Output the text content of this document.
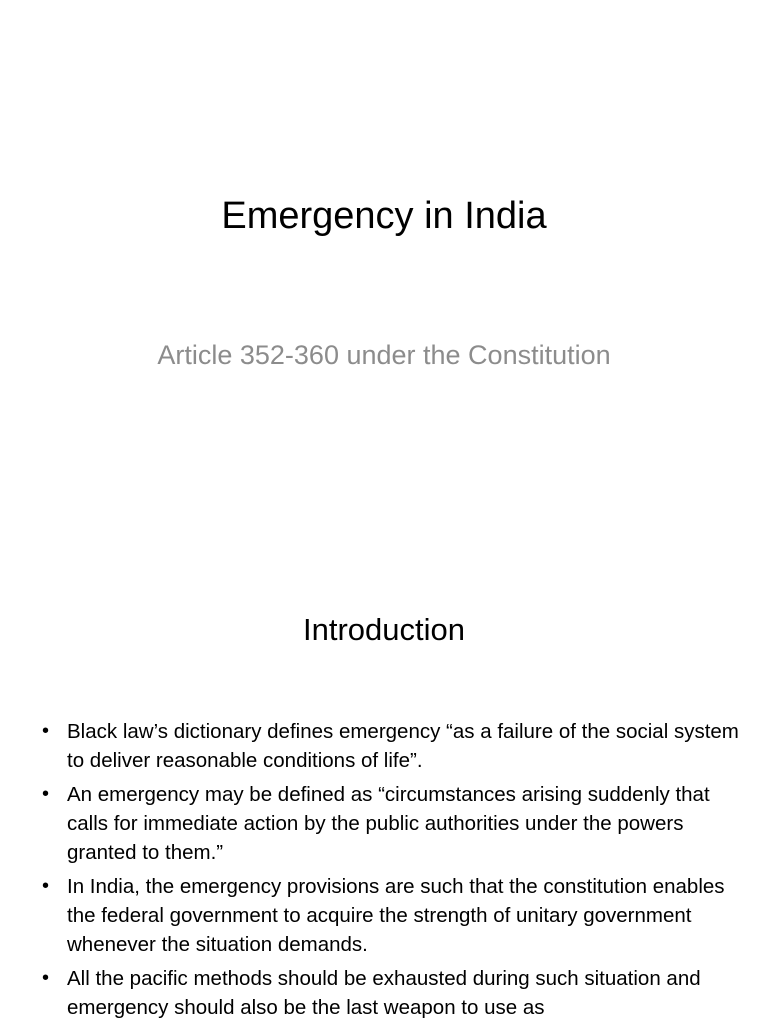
Emergency in India
Article 352-360 under the Constitution
Introduction
• Black law’s dictionary defines emergency “as a failure of the social system to deliver reasonable conditions of life”.
• An emergency may be defined as “circumstances arising suddenly that calls for immediate action by the public authorities under the powers granted to them.”
• In India, the emergency provisions are such that the constitution enables the federal government to acquire the strength of unitary government whenever the situation demands.
• All the pacific methods should be exhausted during such situation and emergency should also be the last weapon to use as
